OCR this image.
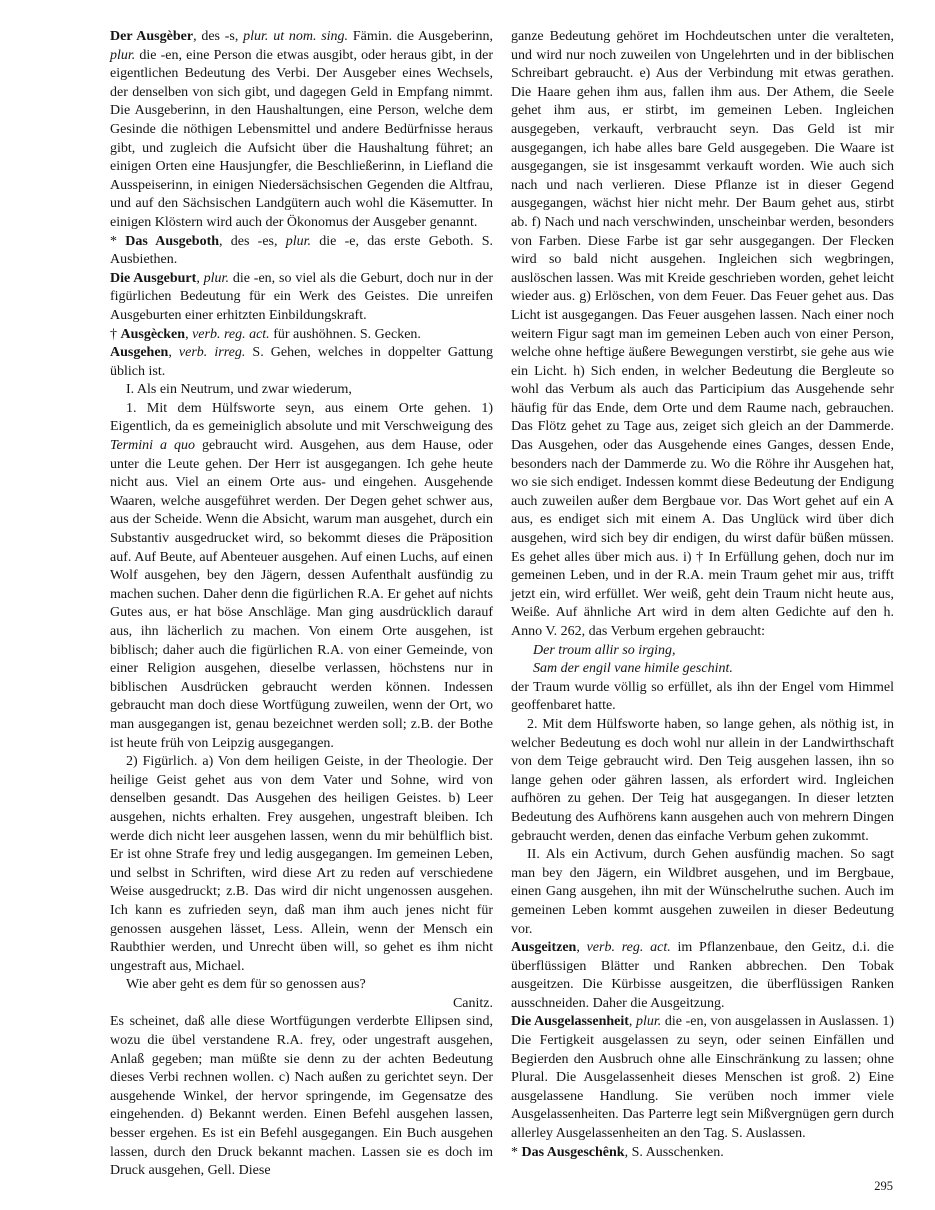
Der Ausgèber, des -s, plur. ut nom. sing. Fämin. die Ausgeberinn, plur. die -en, eine Person die etwas ausgibt, oder heraus gibt, in der eigentlichen Bedeutung des Verbi. Der Ausgeber eines Wechsels, der denselben von sich gibt, und dagegen Geld in Empfang nimmt. Die Ausgeberinn, in den Haushaltungen, eine Person, welche dem Gesinde die nöthigen Lebensmittel und andere Bedürfnisse heraus gibt, und zugleich die Aufsicht über die Haushaltung führet; an einigen Orten eine Hausjungfer, die Beschließerinn, in Liefland die Ausspeiserinn, in einigen Niedersächsischen Gegenden die Altfrau, und auf den Sächsischen Landgütern auch wohl die Käsemutter. In einigen Klöstern wird auch der Ökonomus der Ausgeber genannt.

* Das Ausgeboth, des -es, plur. die -e, das erste Geboth. S. Ausbiethen.

Die Ausgeburt, plur. die -en, so viel als die Geburt, doch nur in der figürlichen Bedeutung für ein Werk des Geistes. Die unreifen Ausgeburten einer erhitzten Einbildungskraft.

† Ausgècken, verb. reg. act. für aushöhnen. S. Gecken.

Ausgehen, verb. irreg. S. Gehen, welches in doppelter Gattung üblich ist.

I. Als ein Neutrum, und zwar wiederum,

1. Mit dem Hülfsworte seyn, aus einem Orte gehen. 1) Eigentlich, da es gemeiniglich absolute und mit Verschweigung des Termini a quo gebraucht wird. Ausgehen, aus dem Hause, oder unter die Leute gehen. Der Herr ist ausgegangen. Ich gehe heute nicht aus. Viel an einem Orte aus- und eingehen. Ausgehende Waaren, welche ausgeführet werden. Der Degen gehet schwer aus, aus der Scheide. Wenn die Absicht, warum man ausgehet, durch ein Substantiv ausgedrucket wird, so bekommt dieses die Präposition auf. Auf Beute, auf Abenteuer ausgehen. Auf einen Luchs, auf einen Wolf ausgehen, bey den Jägern, dessen Aufenthalt ausfündig zu machen suchen. Daher denn die figürlichen R.A. Er gehet auf nichts Gutes aus, er hat böse Anschläge. Man ging ausdrücklich darauf aus, ihn lächerlich zu machen. Von einem Orte ausgehen, ist biblisch; daher auch die figürlichen R.A. von einer Gemeinde, von einer Religion ausgehen, dieselbe verlassen, höchstens nur in biblischen Ausdrücken gebraucht werden können. Indessen gebraucht man doch diese Wortfügung zuweilen, wenn der Ort, wo man ausgegangen ist, genau bezeichnet werden soll; z.B. der Bothe ist heute früh von Leipzig ausgegangen.

2) Figürlich. a) Von dem heiligen Geiste, in der Theologie. Der heilige Geist gehet aus von dem Vater und Sohne, wird von denselben gesandt. Das Ausgehen des heiligen Geistes. b) Leer ausgehen, nichts erhalten. Frey ausgehen, ungestraft bleiben. Ich werde dich nicht leer ausgehen lassen, wenn du mir behülflich bist. Er ist ohne Strafe frey und ledig ausgegangen. Im gemeinen Leben, und selbst in Schriften, wird diese Art zu reden auf verschiedene Weise ausgedruckt; z.B. Das wird dir nicht ungenossen ausgehen. Ich kann es zufrieden seyn, daß man ihm auch jenes nicht für genossen ausgehen lässet, Less. Allein, wenn der Mensch ein Raubthier werden, und Unrecht üben will, so gehet es ihm nicht ungestraft aus, Michael.

Wie aber geht es dem für so genossen aus?

Canitz.

Es scheinet, daß alle diese Wortfügungen verderbte Ellipsen sind, wozu die übel verstandene R.A. frey, oder ungestraft ausgehen, Anlaß gegeben; man müßte sie denn zu der achten Bedeutung dieses Verbi rechnen wollen. c) Nach außen zu gerichtet seyn. Der ausgehende Winkel, der hervor springende, im Gegensatze des eingehenden. d) Bekannt werden. Einen Befehl ausgehen lassen, besser ergehen. Es ist ein Befehl ausgegangen. Ein Buch ausgehen lassen, durch den Druck bekannt machen. Lassen sie es doch im Druck ausgehen, Gell. Diese

ganze Bedeutung gehöret im Hochdeutschen unter die veralteten, und wird nur noch zuweilen von Ungelehrten und in der biblischen Schreibart gebraucht. e) Aus der Verbindung mit etwas gerathen. Die Haare gehen ihm aus, fallen ihm aus. Der Athem, die Seele gehet ihm aus, er stirbt, im gemeinen Leben. Ingleichen ausgegeben, verkauft, verbraucht seyn. Das Geld ist mir ausgegangen, ich habe alles bare Geld ausgegeben. Die Waare ist ausgegangen, sie ist insgesammt verkauft worden. Wie auch sich nach und nach verlieren. Diese Pflanze ist in dieser Gegend ausgegangen, wächst hier nicht mehr. Der Baum gehet aus, stirbt ab. f) Nach und nach verschwinden, unscheinbar werden, besonders von Farben. Diese Farbe ist gar sehr ausgegangen. Der Flecken wird so bald nicht ausgehen. Ingleichen sich wegbringen, auslöschen lassen. Was mit Kreide geschrieben worden, gehet leicht wieder aus. g) Erlöschen, von dem Feuer. Das Feuer gehet aus. Das Licht ist ausgegangen. Das Feuer ausgehen lassen. Nach einer noch weitern Figur sagt man im gemeinen Leben auch von einer Person, welche ohne heftige äußere Bewegungen verstirbt, sie gehe aus wie ein Licht. h) Sich enden, in welcher Bedeutung die Bergleute so wohl das Verbum als auch das Participium das Ausgehende sehr häufig für das Ende, dem Orte und dem Raume nach, gebrauchen. Das Flötz gehet zu Tage aus, zeiget sich gleich an der Dammerde. Das Ausgehen, oder das Ausgehende eines Ganges, dessen Ende, besonders nach der Dammerde zu. Wo die Röhre ihr Ausgehen hat, wo sie sich endiget. Indessen kommt diese Bedeutung der Endigung auch zuweilen außer dem Bergbaue vor. Das Wort gehet auf ein A aus, es endiget sich mit einem A. Das Unglück wird über dich ausgehen, wird sich bey dir endigen, du wirst dafür büßen müssen. Es gehet alles über mich aus. i) † In Erfüllung gehen, doch nur im gemeinen Leben, und in der R.A. mein Traum gehet mir aus, trifft jetzt ein, wird erfüllet. Wer weiß, geht dein Traum nicht heute aus, Weiße. Auf ähnliche Art wird in dem alten Gedichte auf den h. Anno V. 262, das Verbum ergehen gebraucht:

Der troum allir so irging,

Sam der engil vane himile geschint.

der Traum wurde völlig so erfüllet, als ihn der Engel vom Himmel geoffenbaret hatte.

2. Mit dem Hülfsworte haben, so lange gehen, als nöthig ist, in welcher Bedeutung es doch wohl nur allein in der Landwirthschaft von dem Teige gebraucht wird. Den Teig ausgehen lassen, ihn so lange gehen oder gähren lassen, als erfordert wird. Ingleichen aufhören zu gehen. Der Teig hat ausgegangen. In dieser letzten Bedeutung des Aufhörens kann ausgehen auch von mehrern Dingen gebraucht werden, denen das einfache Verbum gehen zukommt.

II. Als ein Activum, durch Gehen ausfündig machen. So sagt man bey den Jägern, ein Wildbret ausgehen, und im Bergbaue, einen Gang ausgehen, ihn mit der Wünschelruthe suchen. Auch im gemeinen Leben kommt ausgehen zuweilen in dieser Bedeutung vor.

Ausgeitzen, verb. reg. act. im Pflanzenbaue, den Geitz, d.i. die überflüssigen Blätter und Ranken abbrechen. Den Tobak ausgeitzen. Die Kürbisse ausgeitzen, die überflüssigen Ranken ausschneiden. Daher die Ausgeitzung.

Die Ausgelassenheit, plur. die -en, von ausgelassen in Auslassen. 1) Die Fertigkeit ausgelassen zu seyn, oder seinen Einfällen und Begierden den Ausbruch ohne alle Einschränkung zu lassen; ohne Plural. Die Ausgelassenheit dieses Menschen ist groß. 2) Eine ausgelassene Handlung. Sie verüben noch immer viele Ausgelassenheiten. Das Parterre legt sein Mißvergnügen gern durch allerley Ausgelassenheiten an den Tag. S. Auslassen.

* Das Ausgeschênk, S. Ausschenken.

295
